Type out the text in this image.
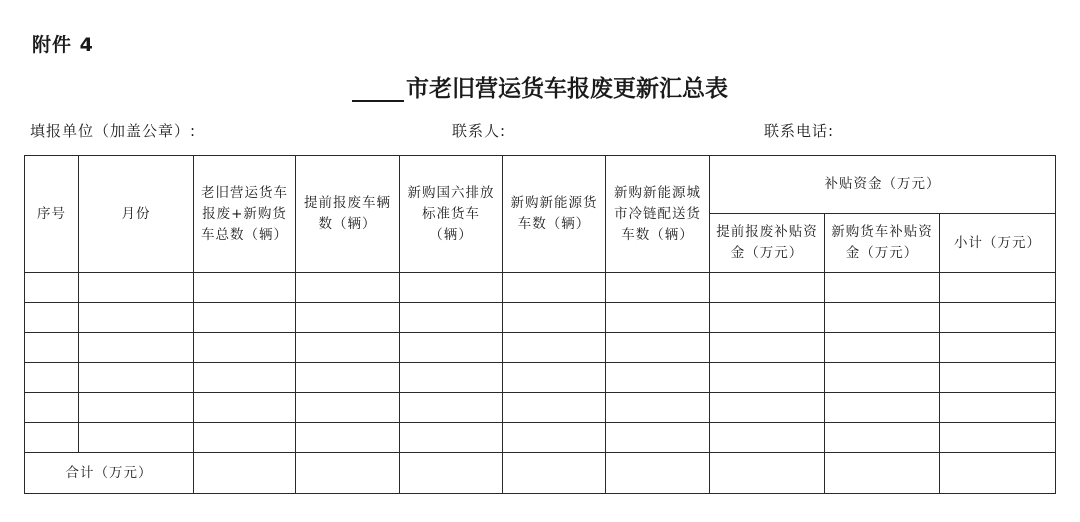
附件 4
市老旧营运货车报废更新汇总表
填报单位（加盖公章）:	联系人:	联系电话:
序号	月份	老旧营运货车报废+新购货车总数（辆）	提前报废车辆数（辆）	新购国六排放标准货车（辆）	新购新能源货车数（辆）	新购新能源城市冷链配送货车数（辆）	补贴资金（万元）		
							提前报废补贴资金（万元）	新购货车补贴资金（万元）	小计（万元）

合计（万元）									
